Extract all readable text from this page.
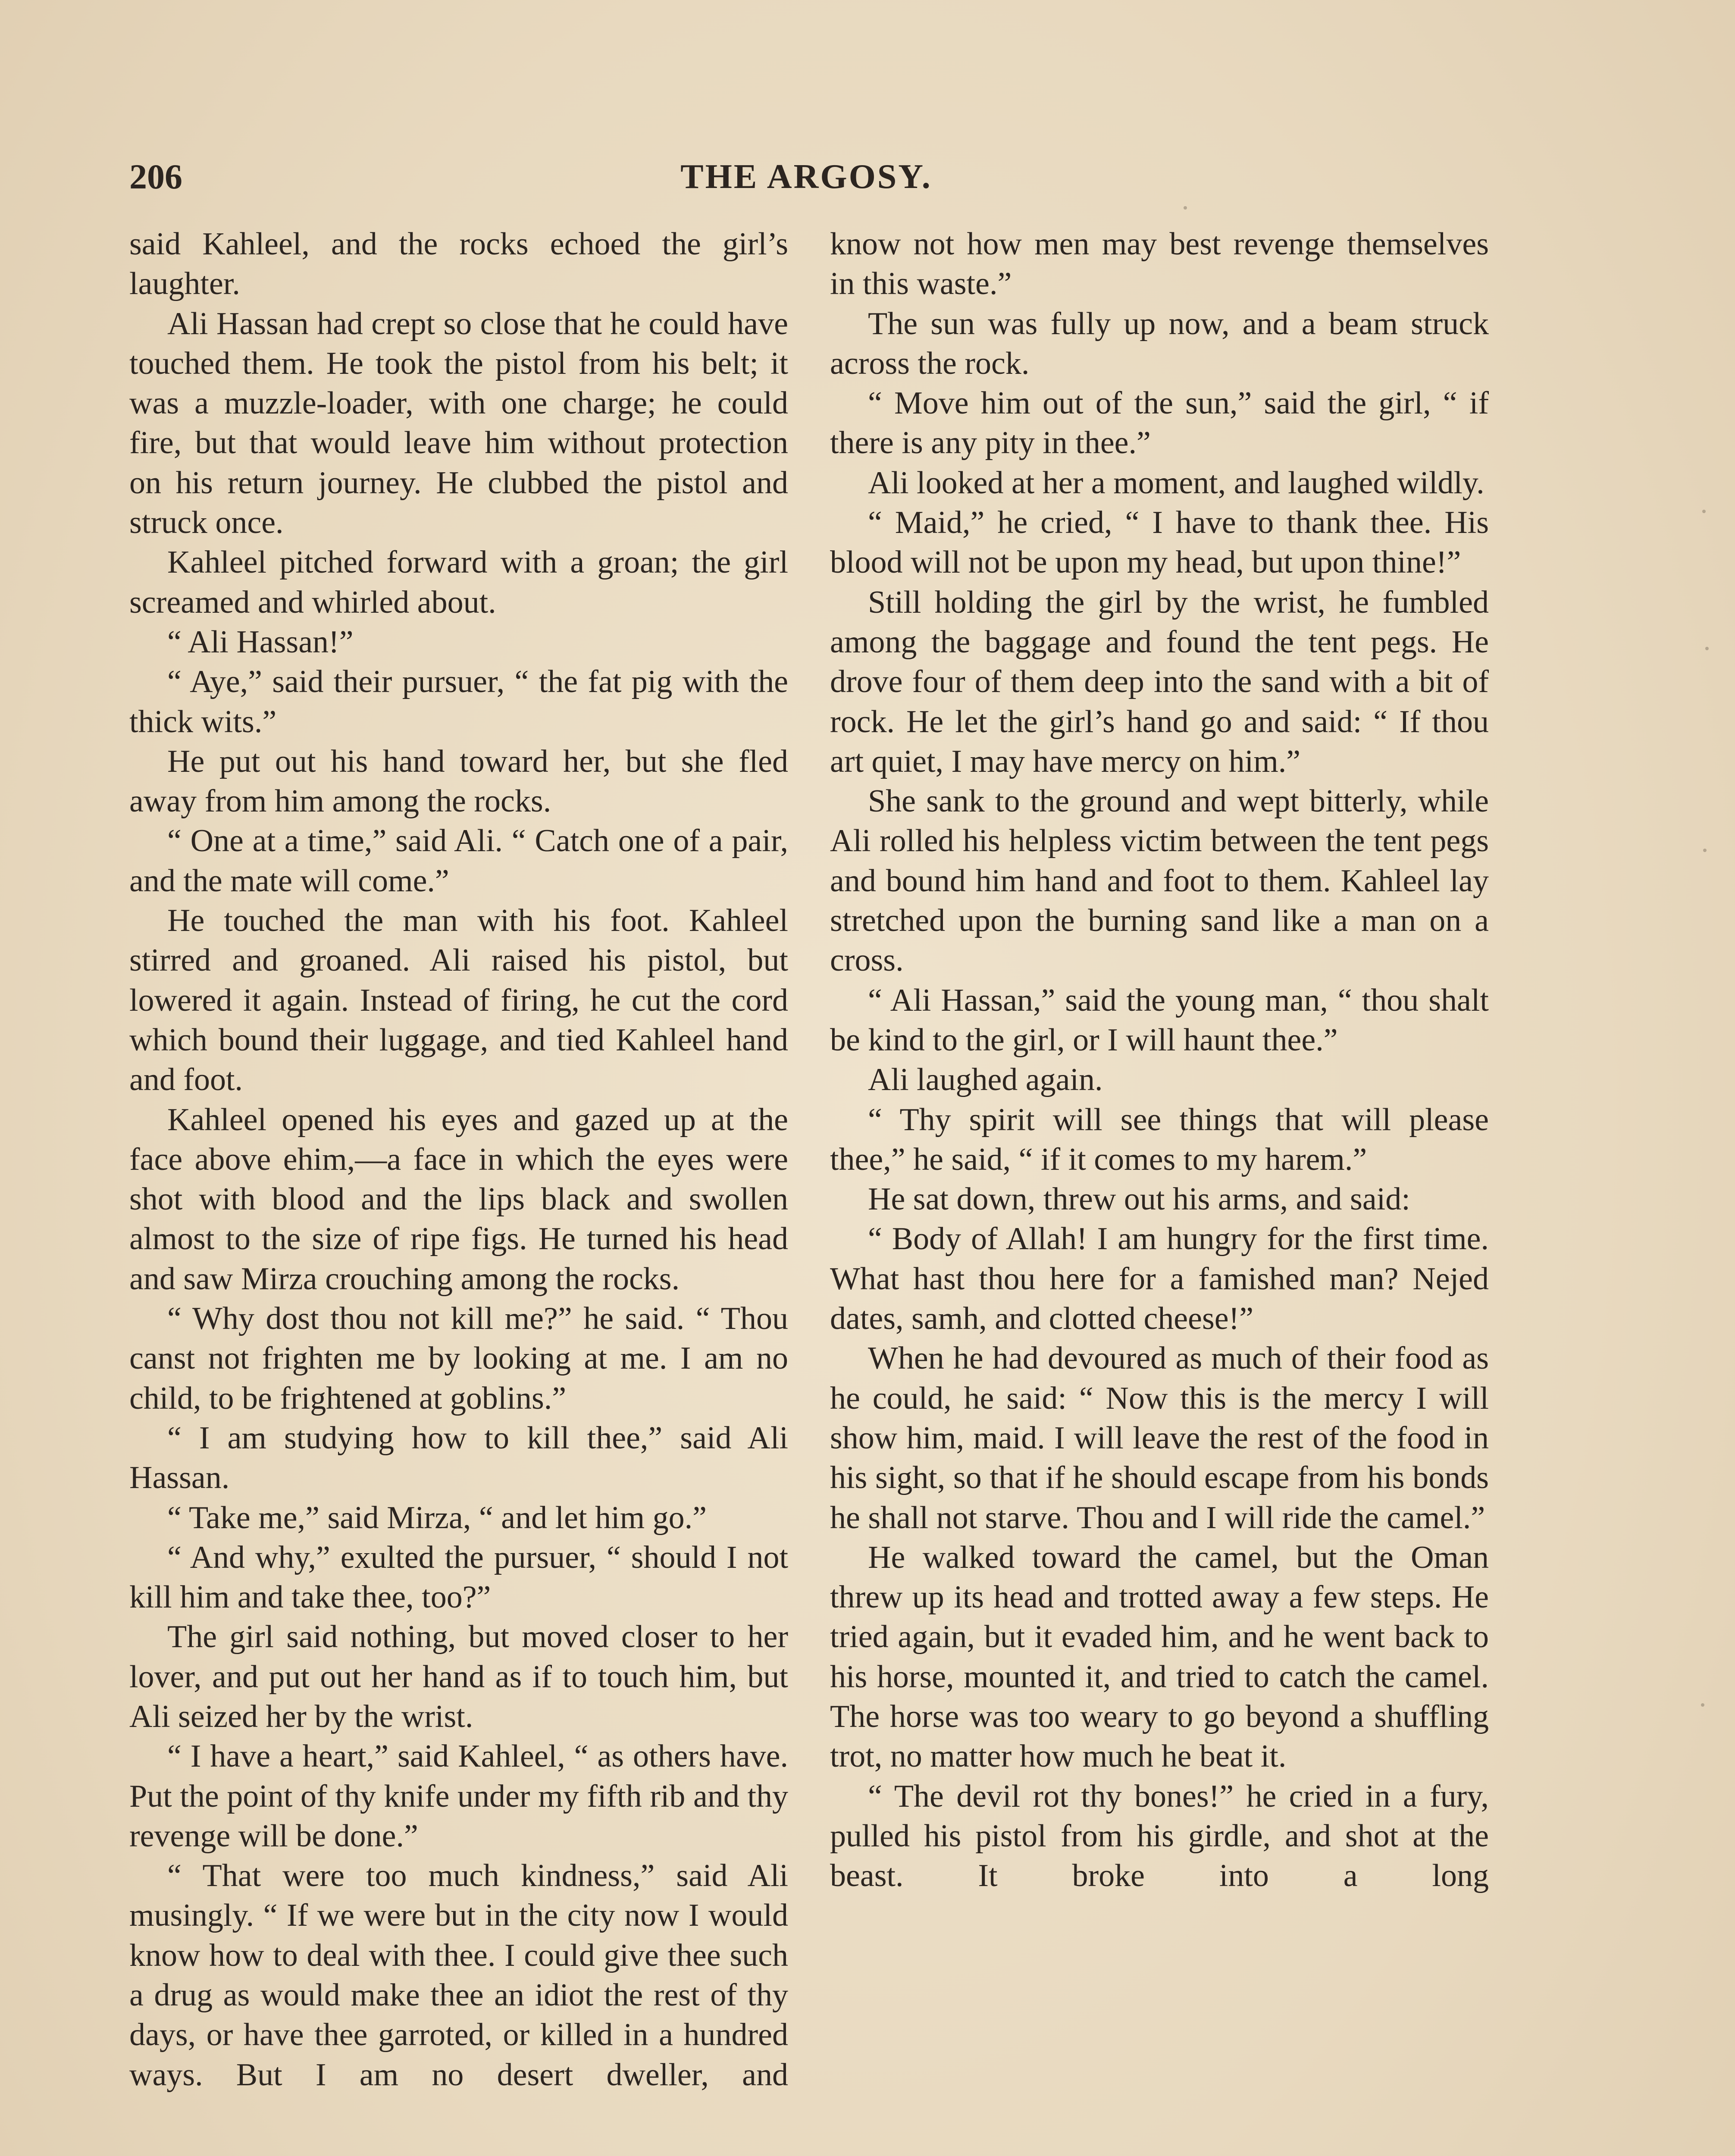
206	THE ARGOSY.

said Kahleel, and the rocks echoed the girl’s laughter.

Ali Hassan had crept so close that he could have touched them. He took the pistol from his belt; it was a muzzle-loader, with one charge; he could fire, but that would leave him without protection on his return journey. He clubbed the pistol and struck once.

Kahleel pitched forward with a groan; the girl screamed and whirled about.

“ Ali Hassan!”

“ Aye,” said their pursuer, “ the fat pig with the thick wits.”

He put out his hand toward her, but she fled away from him among the rocks.

“ One at a time,” said Ali. “ Catch one of a pair, and the mate will come.”

He touched the man with his foot. Kahleel stirred and groaned. Ali raised his pistol, but lowered it again. Instead of firing, he cut the cord which bound their luggage, and tied Kahleel hand and foot.

Kahleel opened his eyes and gazed up at the face above ehim,—a face in which the eyes were shot with blood and the lips black and swollen almost to the size of ripe figs. He turned his head and saw Mirza crouching among the rocks.

“ Why dost thou not kill me?” he said. “ Thou canst not frighten me by looking at me. I am no child, to be frightened at goblins.”

“ I am studying how to kill thee,” said Ali Hassan.

“ Take me,” said Mirza, “ and let him go.”

“ And why,” exulted the pursuer, “ should I not kill him and take thee, too?”

The girl said nothing, but moved closer to her lover, and put out her hand as if to touch him, but Ali seized her by the wrist.

“ I have a heart,” said Kahleel, “ as others have. Put the point of thy knife under my fifth rib and thy revenge will be done.”

“ That were too much kindness,” said Ali musingly. “ If we were but in the city now I would know how to deal with thee. I could give thee such a drug as would make thee an idiot the rest of thy days, or have thee garroted, or killed in a hundred ways. But I am no desert dweller, and

know not how men may best revenge themselves in this waste.”

The sun was fully up now, and a beam struck across the rock.

“ Move him out of the sun,” said the girl, “ if there is any pity in thee.”

Ali looked at her a moment, and laughed wildly.

“ Maid,” he cried, “ I have to thank thee. His blood will not be upon my head, but upon thine!”

Still holding the girl by the wrist, he fumbled among the baggage and found the tent pegs. He drove four of them deep into the sand with a bit of rock. He let the girl’s hand go and said: “ If thou art quiet, I may have mercy on him.”

She sank to the ground and wept bitterly, while Ali rolled his helpless victim between the tent pegs and bound him hand and foot to them. Kahleel lay stretched upon the burning sand like a man on a cross.

“ Ali Hassan,” said the young man, “ thou shalt be kind to the girl, or I will haunt thee.”

Ali laughed again.

“ Thy spirit will see things that will please thee,” he said, “ if it comes to my harem.”

He sat down, threw out his arms, and said:

“ Body of Allah! I am hungry for the first time. What hast thou here for a famished man? Nejed dates, samh, and clotted cheese!”

When he had devoured as much of their food as he could, he said: “ Now this is the mercy I will show him, maid. I will leave the rest of the food in his sight, so that if he should escape from his bonds he shall not starve. Thou and I will ride the camel.”

He walked toward the camel, but the Oman threw up its head and trotted away a few steps. He tried again, but it evaded him, and he went back to his horse, mounted it, and tried to catch the camel. The horse was too weary to go beyond a shuffling trot, no matter how much he beat it.

“ The devil rot thy bones!” he cried in a fury, pulled his pistol from his girdle, and shot at the beast. It broke into a long
